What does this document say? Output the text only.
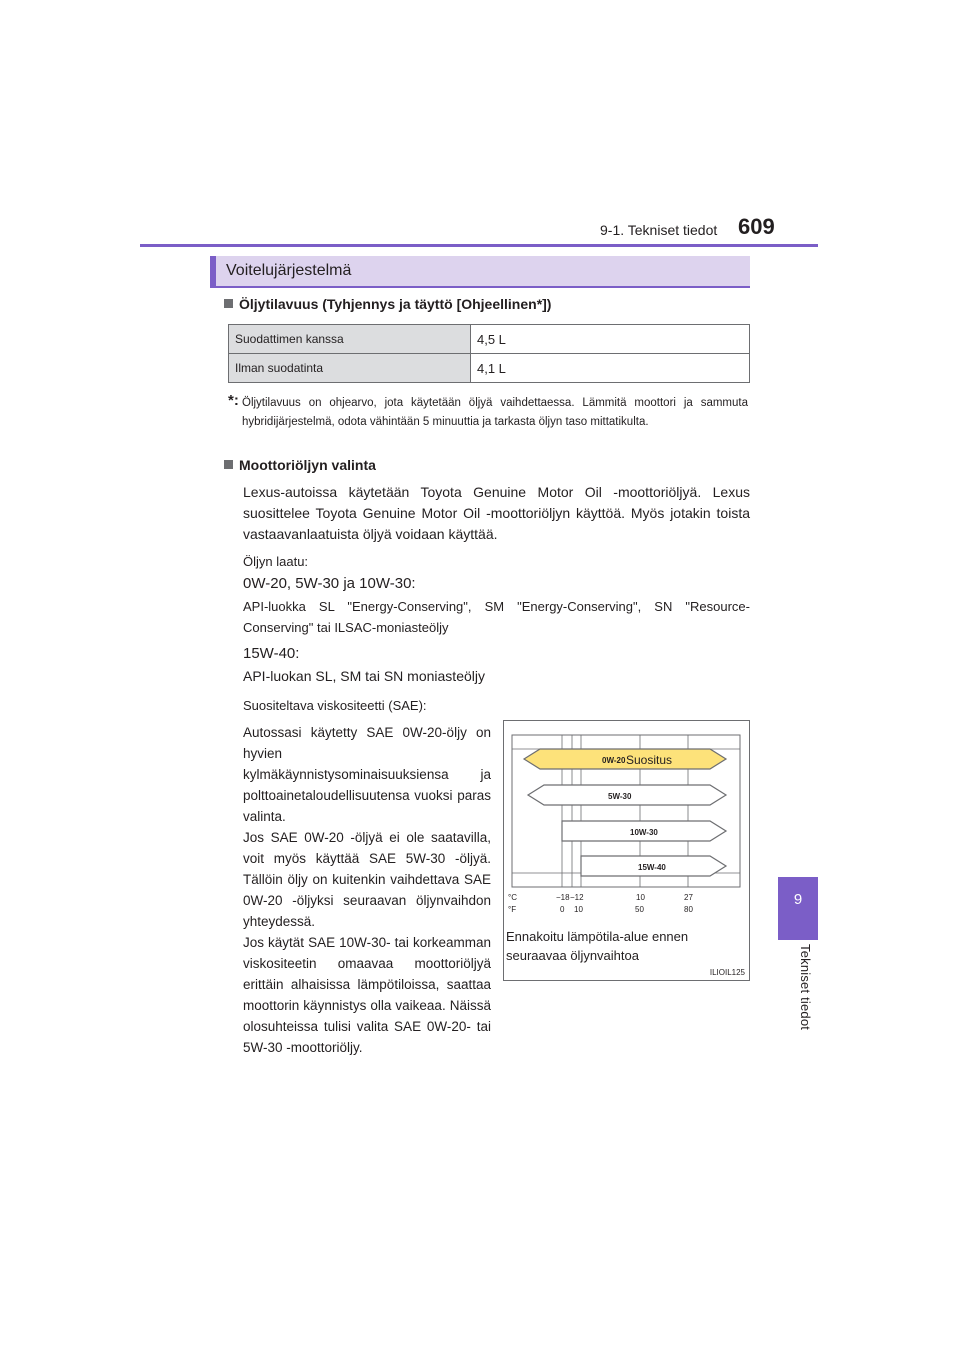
9-1. Tekniset tiedot 609
9
Tekniset tiedot
Voitelujärjestelmä
Öljytilavuus (Tyhjennys ja täyttö [Ohjeellinen*])
Suodattimen kanssa	4,5 L
Ilman suodatinta	4,1 L
*: Öljytilavuus on ohjearvo, jota käytetään öljyä vaihdettaessa. Lämmitä moottori ja sammuta hybridijärjestelmä, odota vähintään 5 minuuttia ja tarkasta öljyn taso mittatikulta.
Moottoriöljyn valinta
Lexus-autoissa käytetään Toyota Genuine Motor Oil -moottoriöljyä. Lexus suosittelee Toyota Genuine Motor Oil -moottoriöljyn käyttöä. Myös jotakin toista vastaavanlaatuista öljyä voidaan käyttää.
Öljyn laatu:
0W-20, 5W-30 ja 10W-30:
API-luokka SL "Energy-Conserving", SM "Energy-Conserving", SN "Resource-Conserving" tai ILSAC-moniasteöljy
15W-40:
API-luokan SL, SM tai SN moniasteöljy
Suositeltava viskositeetti (SAE):
Autossasi käytetty SAE 0W-20-öljy on hyvien kylmäkäynnistysominaisuuksiensa ja polttoainetaloudellisuutensa vuoksi paras valinta.
Jos SAE 0W-20 -öljyä ei ole saatavilla, voit myös käyttää SAE 5W-30 -öljyä. Tällöin öljy on kuitenkin vaihdettava SAE 0W-20 -öljyksi seuraavan öljynvaihdon yhteydessä.
Jos käytät SAE 10W-30- tai korkeamman viskositeetin omaavaa moottoriöljyä erittäin alhaisissa lämpötiloissa, saattaa moottorin käynnistys olla vaikeaa. Näissä olosuhteissa tulisi valita SAE 0W-20- tai 5W-30 -moottoriöljy.
0W-20 Suositus
5W-30
10W-30
15W-40
°C	−18 −12	10	27
°F	0 10	50	80
Ennakoitu lämpötila-alue ennen seuraavaa öljynvaihtoa
ILIOIL125
